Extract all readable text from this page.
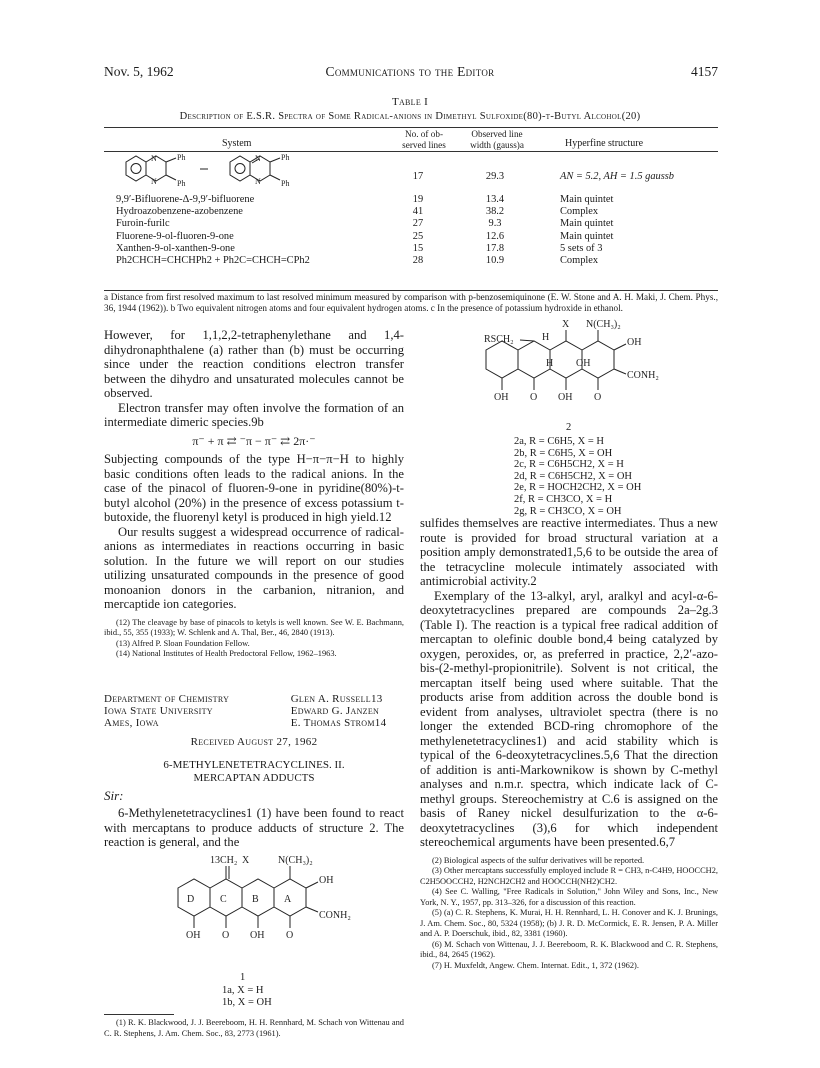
Nov. 5, 1962	Communications to the Editor	4157
Table I
Description of E.S.R. Spectra of Some Radical-anions in Dimethyl Sulfoxide(80)-t-Butyl Alcohol(20)
System
No. of ob-
served lines
Observed line
width (gauss)a	Hyperfine structure
N
N
Ph
Ph
N
N
Ph
Ph
	17	29.3	AN = 5.2, AH = 1.5 gaussb
9,9′-Bifluorene-Δ-9,9′-bifluorene	19	13.4	Main quintet
Hydroazobenzene-azobenzene	41	38.2	Complex
Furoin-furilc	27	9.3	Main quintet
Fluorene-9-ol-fluoren-9-one	25	12.6	Main quintet
Xanthen-9-ol-xanthen-9-one	15	17.8	5 sets of 3
Ph2CHCH=CHCHPh2 + Ph2C=CHCH=CPh2	28	10.9	Complex
a Distance from first resolved maximum to last resolved minimum measured by comparison with p-benzosemiquinone (E. W. Stone and A. H. Maki, J. Chem. Phys., 36, 1944 (1962)). b Two equivalent nitrogen atoms and four equivalent hydrogen atoms. c In the presence of potassium hydroxide in ethanol.

However, for 1,1,2,2-tetraphenylethane and 1,4-dihydronaphthalene (a) rather than (b) must be occurring since under the reaction conditions electron transfer between the dihydro and unsaturated molecules cannot be observed.

Electron transfer may often involve the formation of an intermediate dimeric species.9b

π⁻ + π ⇄ ⁻π − π⁻ ⇄ 2π·⁻

Subjecting compounds of the type H−π−π−H to highly basic conditions often leads to the radical anions. In the case of the pinacol of fluoren-9-one in pyridine(80%)-t-butyl alcohol (20%) in the presence of excess potassium t-butoxide, the fluorenyl ketyl is produced in high yield.12

Our results suggest a widespread occurrence of radical-anions as intermediates in reactions occurring in basic solution. In the future we will report on our studies utilizing unsaturated compounds in the presence of good monoanion donors in the carbanion, nitranion, and mercaptide ion categories.

(12) The cleavage by base of pinacols to ketyls is well known. See W. E. Bachmann, ibid., 55, 355 (1933); W. Schlenk and A. Thal, Ber., 46, 2840 (1913).

(13) Alfred P. Sloan Foundation Fellow.

(14) National Institutes of Health Predoctoral Fellow, 1962–1963.

Department of Chemistry	Glen A. Russell13
Iowa State University	Edward G. Janzen
Ames, Iowa	E. Thomas Strom14
Received August 27, 1962
6-METHYLENETETRACYCLINES. II.
MERCAPTAN ADDUCTS
Sir:

6-Methylenetetracyclines1 (1) have been found to react with mercaptans to produce adducts of structure 2. The reaction is general, and the

13CH₂ X	N(CH₃)₂
OH
CONH₂
D	C	B	A
OH O OH O
1
1a, X = H
1b, X = OH
(1) R. K. Blackwood, J. J. Beereboom, H. H. Rennhard, M. Schach von Wittenau and C. R. Stephens, J. Am. Chem. Soc., 83, 2773 (1961).
RSCH₂	H
X N(CH₃)₂
OH
CONH₂
H OH
OH O OH O
2
2a, R = C6H5, X = H
2b, R = C6H5, X = OH
2c, R = C6H5CH2, X = H
2d, R = C6H5CH2, X = OH
2e, R = HOCH2CH2, X = OH
2f, R = CH3CO, X = H
2g, R = CH3CO, X = OH

sulfides themselves are reactive intermediates. Thus a new route is provided for broad structural variation at a position amply demonstrated1,5,6 to be outside the area of the tetracycline molecule intimately associated with antimicrobial activity.2

Exemplary of the 13-alkyl, aryl, aralkyl and acyl-α-6-deoxytetracyclines prepared are compounds 2a–2g.3 (Table I). The reaction is a typical free radical addition of mercaptan to olefinic double bond,4 being catalyzed by oxygen, peroxides, or, as preferred in practice, 2,2′-azo-bis-(2-methyl-propionitrile). Solvent is not critical, the mercaptan itself being used where suitable. That the products arise from addition across the double bond is evident from analyses, ultraviolet spectra (there is no longer the extended BCD-ring chromophore of the methylenetetracyclines1) and acid stability which is typical of the 6-deoxytetracyclines.5,6 That the direction of addition is anti-Markownikow is shown by C-methyl analyses and n.m.r. spectra, which indicate lack of C-methyl groups. Stereochemistry at C.6 is assigned on the basis of Raney nickel desulfurization to the α-6-deoxytetracyclines (3),6 for which independent stereochemical arguments have been presented.6,7

(2) Biological aspects of the sulfur derivatives will be reported.

(3) Other mercaptans successfully employed include R = CH3, n-C4H9, HOOCCH2, C2H5OOCCH2, H2NCH2CH2 and HOOCCH(NH2)CH2.

(4) See C. Walling, "Free Radicals in Solution," John Wiley and Sons, Inc., New York, N. Y., 1957, pp. 313–326, for a discussion of this reaction.

(5) (a) C. R. Stephens, K. Murai, H. H. Rennhard, L. H. Conover and K. J. Brunings, J. Am. Chem. Soc., 80, 5324 (1958); (b) J. R. D. McCormick, E. R. Jensen, P. A. Miller and A. P. Doerschuk, ibid., 82, 3381 (1960).

(6) M. Schach von Wittenau, J. J. Beereboom, R. K. Blackwood and C. R. Stephens, ibid., 84, 2645 (1962).

(7) H. Muxfeldt, Angew. Chem. Internat. Edit., 1, 372 (1962).
